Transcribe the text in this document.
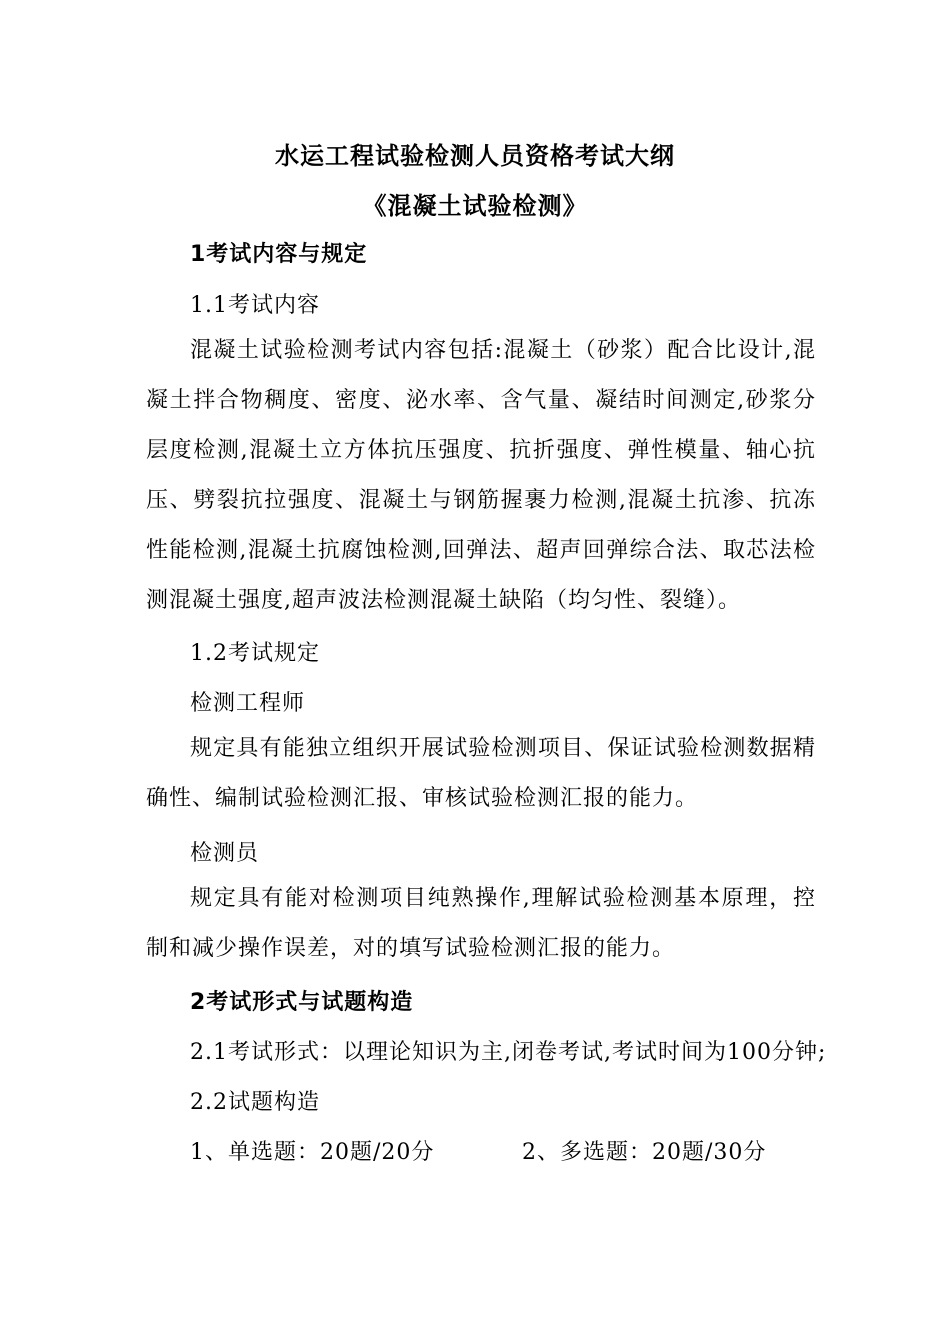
水运工程试验检测人员资格考试大纲
《混凝土试验检测》
1考试内容与规定
1.1考试内容
混凝土试验检测考试内容包括:混凝土（砂浆）配合比设计,混凝土拌合物稠度、密度、泌水率、含气量、凝结时间测定,砂浆分层度检测,混凝土立方体抗压强度、抗折强度、弹性模量、轴心抗压、劈裂抗拉强度、混凝土与钢筋握裹力检测,混凝土抗渗、抗冻性能检测,混凝土抗腐蚀检测,回弹法、超声回弹综合法、取芯法检测混凝土强度,超声波法检测混凝土缺陷（均匀性、裂缝）。
1.2考试规定
检测工程师
规定具有能独立组织开展试验检测项目、保证试验检测数据精确性、编制试验检测汇报、审核试验检测汇报的能力。
检测员
规定具有能对检测项目纯熟操作,理解试验检测基本原理，控制和减少操作误差，对的填写试验检测汇报的能力。
2考试形式与试题构造
2.1考试形式：以理论知识为主,闭卷考试,考试时间为100分钟;
2.2试题构造
1、单选题：20题/20分	2、多选题：20题/30分
